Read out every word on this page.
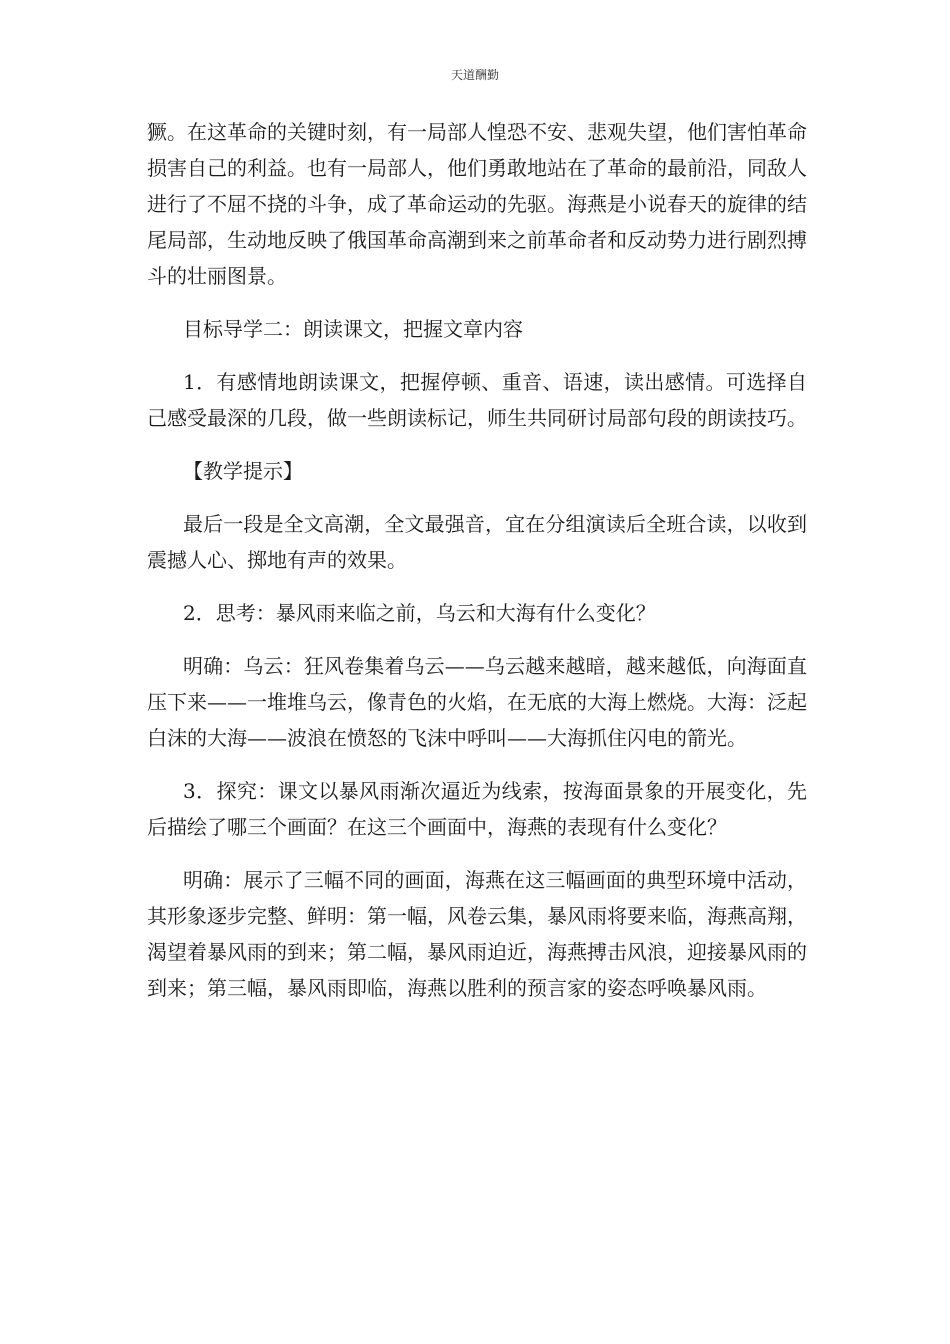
天道酬勤

獗。在这革命的关键时刻，有一局部人惶恐不安、悲观失望，他们害怕革命损害自己的利益。也有一局部人，他们勇敢地站在了革命的最前沿，同敌人进行了不屈不挠的斗争，成了革命运动的先驱。海燕是小说春天的旋律的结尾局部，生动地反映了俄国革命高潮到来之前革命者和反动势力进行剧烈搏斗的壮丽图景。

目标导学二：朗读课文，把握文章内容

1．有感情地朗读课文，把握停顿、重音、语速，读出感情。可选择自己感受最深的几段，做一些朗读标记，师生共同研讨局部句段的朗读技巧。

【教学提示】

最后一段是全文高潮，全文最强音，宜在分组演读后全班合读，以收到震撼人心、掷地有声的效果。

2．思考：暴风雨来临之前，乌云和大海有什么变化？

明确：乌云：狂风卷集着乌云——乌云越来越暗，越来越低，向海面直压下来——一堆堆乌云，像青色的火焰，在无底的大海上燃烧。大海：泛起白沫的大海——波浪在愤怒的飞沫中呼叫——大海抓住闪电的箭光。

3．探究：课文以暴风雨渐次逼近为线索，按海面景象的开展变化，先后描绘了哪三个画面？在这三个画面中，海燕的表现有什么变化？

明确：展示了三幅不同的画面，海燕在这三幅画面的典型环境中活动，其形象逐步完整、鲜明：第一幅，风卷云集，暴风雨将要来临，海燕高翔，渴望着暴风雨的到来；第二幅，暴风雨迫近，海燕搏击风浪，迎接暴风雨的到来；第三幅，暴风雨即临，海燕以胜利的预言家的姿态呼唤暴风雨。
